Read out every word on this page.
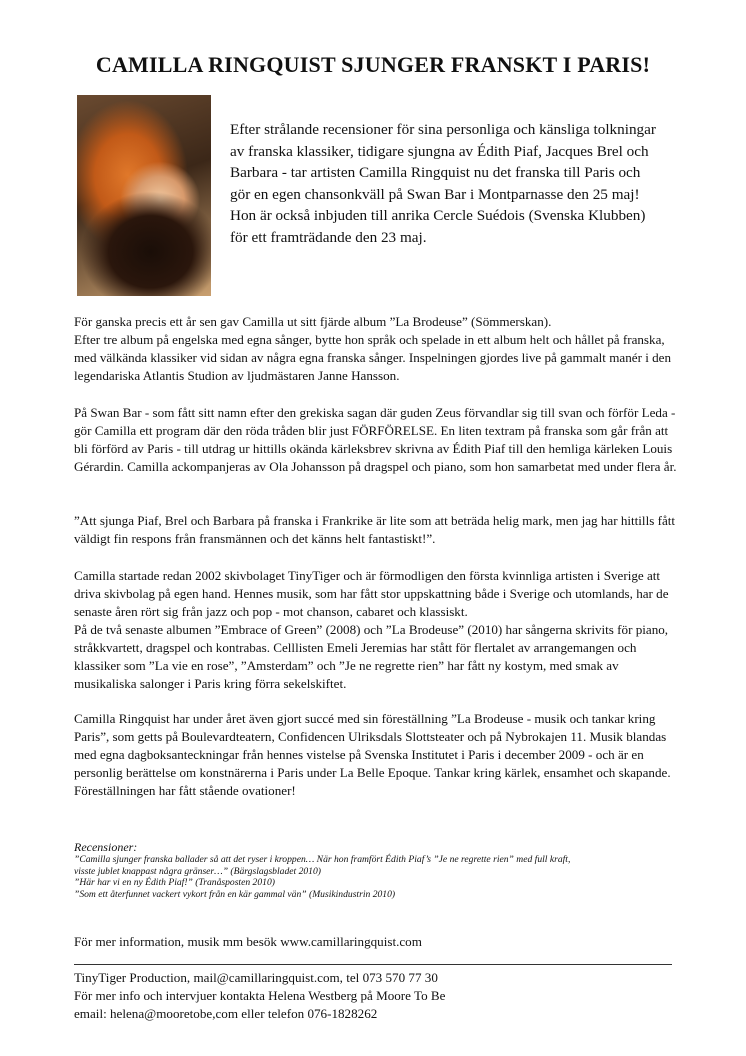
CAMILLA RINGQUIST SJUNGER FRANSKT I PARIS!

Efter strålande recensioner för sina personliga och känsliga tolkningar av franska klassiker, tidigare sjungna av Édith Piaf, Jacques Brel och Barbara - tar artisten Camilla Ringquist nu det franska till Paris och gör en egen chansonkväll på Swan Bar i Montparnasse den 25 maj!
Hon är också inbjuden till anrika Cercle Suédois (Svenska Klubben) för ett framträdande den 23 maj.

För ganska precis ett år sen gav Camilla ut sitt fjärde album ”La Brodeuse” (Sömmerskan).
Efter tre album på engelska med egna sånger, bytte hon språk och spelade in ett album helt och hållet på franska, med välkända klassiker vid sidan av några egna franska sånger. Inspelningen gjordes live på gammalt manér i den legendariska Atlantis Studion av ljudmästaren Janne Hansson.

På Swan Bar - som fått sitt namn efter den grekiska sagan där guden Zeus förvandlar sig till svan och förför Leda - gör Camilla ett program där den röda tråden blir just FÖRFÖRELSE. En liten textram på franska som går från att bli förförd av Paris - till utdrag ur hittills okända kärleksbrev skrivna av Édith Piaf till den hemliga kärleken Louis Gérardin. Camilla ackompanjeras av Ola Johansson på dragspel och piano, som hon samarbetat med under flera år.

”Att sjunga Piaf, Brel och Barbara på franska i Frankrike är lite som att beträda helig mark, men jag har hittills fått väldigt fin respons från fransmännen och det känns helt fantastiskt!”.

Camilla startade redan 2002 skivbolaget TinyTiger och är förmodligen den första kvinnliga artisten i Sverige att driva skivbolag på egen hand. Hennes musik, som har fått stor uppskattning både i Sverige och utomlands, har de senaste åren rört sig från jazz och pop - mot chanson, cabaret och klassiskt.
På de två senaste albumen ”Embrace of Green” (2008) och ”La Brodeuse” (2010) har sångerna skrivits för piano, stråkkvartett, dragspel och kontrabas. Celllisten Emeli Jeremias har stått för flertalet av arrangemangen och klassiker som ”La vie en rose”, ”Amsterdam” och ”Je ne regrette rien” har fått ny kostym, med smak av musikaliska salonger i Paris kring förra sekelskiftet.

Camilla Ringquist har under året även gjort succé med sin föreställning ”La Brodeuse - musik och tankar kring Paris”, som getts på Boulevardteatern, Confidencen Ulriksdals Slottsteater och på Nybrokajen 11. Musik blandas med egna dagboksanteckningar från hennes vistelse på Svenska Institutet i Paris i december 2009 - och är en personlig berättelse om konstnärerna i Paris under La Belle Epoque. Tankar kring kärlek, ensamhet och skapande.
Föreställningen har fått stående ovationer!

Recensioner:
”Camilla sjunger franska ballader så att det ryser i kroppen… När hon framfört Édith Piaf’s ”Je ne regrette rien” med full kraft,
visste jublet knappast några gränser…” (Bärgslagsbladet 2010)
”Här har vi en ny Édith Piaf!” (Tranåsposten 2010)
”Som ett återfunnet vackert vykort från en kär gammal vän” (Musikindustrin 2010)
För mer information, musik mm besök www.camillaringquist.com
TinyTiger Production, mail@camillaringquist.com, tel 073 570 77 30
För mer info och intervjuer kontakta Helena Westberg på Moore To Be
email: helena@mooretobe,com eller telefon 076-1828262
